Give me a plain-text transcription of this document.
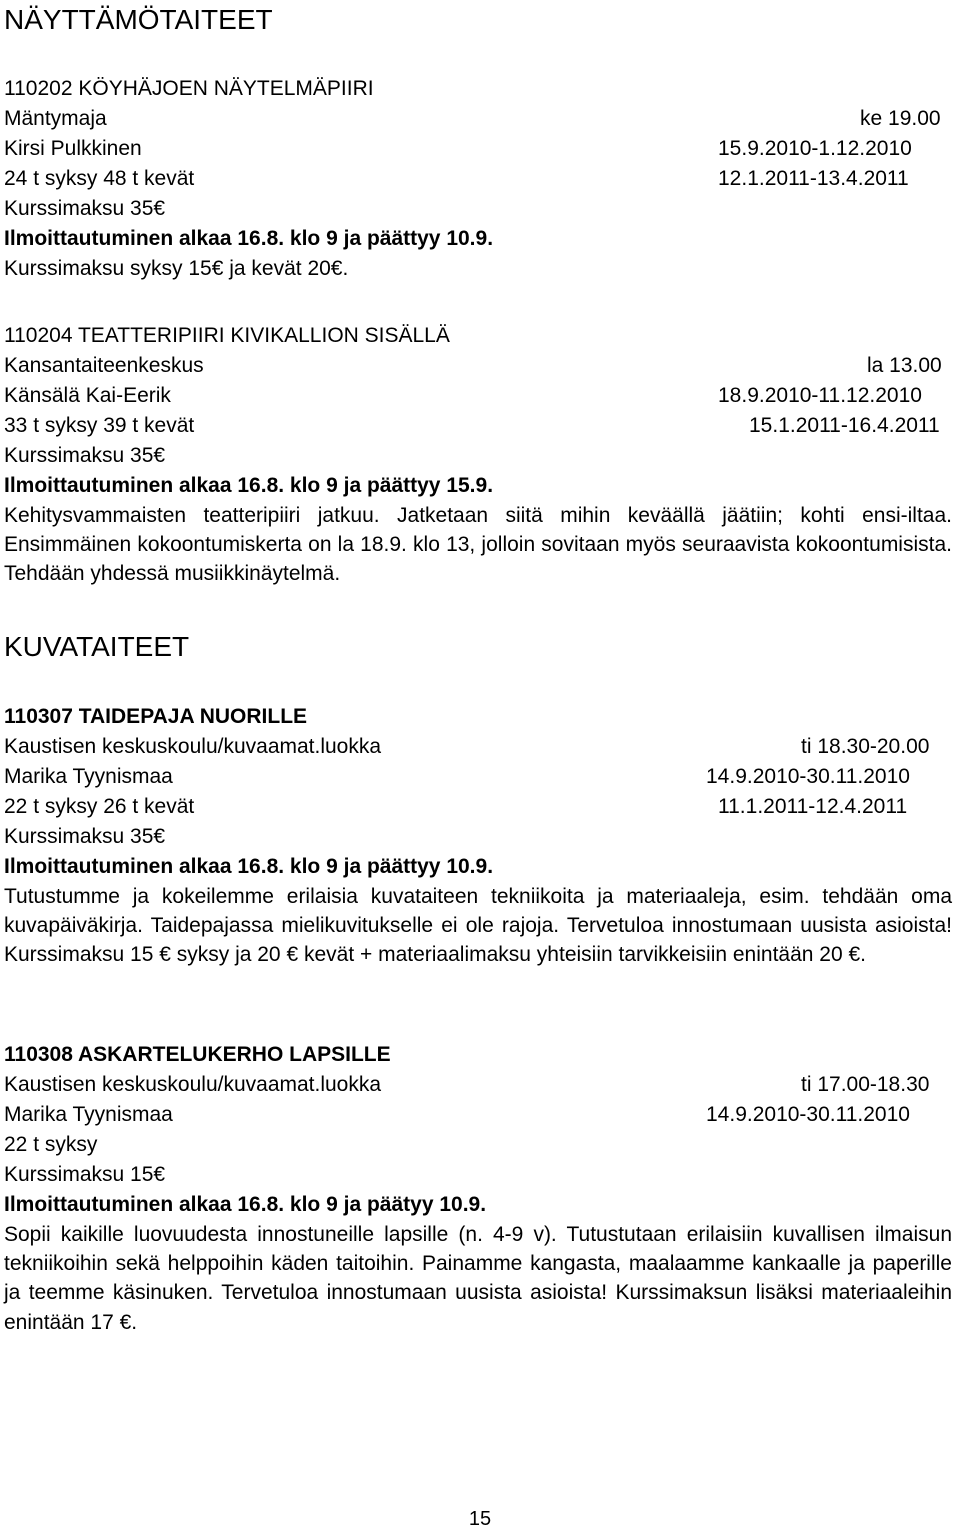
NÄYTTÄMÖTAITEET
110202 KÖYHÄJOEN NÄYTELMÄPIIRI
Mäntymaja	ke 19.00
Kirsi Pulkkinen	15.9.2010-1.12.2010
24 t syksy 48 t kevät	12.1.2011-13.4.2011
Kurssimaksu 35€
Ilmoittautuminen alkaa 16.8. klo 9 ja päättyy 10.9.
Kurssimaksu syksy 15€ ja kevät 20€.
110204 TEATTERIPIIRI KIVIKALLION SISÄLLÄ
Kansantaiteenkeskus	la 13.00
Känsälä Kai-Eerik	18.9.2010-11.12.2010
33 t syksy 39 t kevät	15.1.2011-16.4.2011
Kurssimaksu 35€
Ilmoittautuminen alkaa 16.8. klo 9 ja päättyy 15.9.
Kehitysvammaisten teatteripiiri jatkuu. Jatketaan siitä mihin keväällä jäätiin; kohti ensi-iltaa. Ensimmäinen kokoontumiskerta on la 18.9. klo 13, jolloin sovitaan myös seuraavista kokoontumisista. Tehdään yhdessä musiikkinäytelmä.
KUVATAITEET
110307 TAIDEPAJA NUORILLE
Kaustisen keskuskoulu/kuvaamat.luokka	ti 18.30-20.00
Marika Tyynismaa	14.9.2010-30.11.2010
22 t syksy 26 t kevät	11.1.2011-12.4.2011
Kurssimaksu 35€
Ilmoittautuminen alkaa 16.8. klo 9 ja päättyy 10.9.
Tutustumme ja kokeilemme erilaisia kuvataiteen tekniikoita ja materiaaleja, esim. tehdään oma kuvapäiväkirja. Taidepajassa mielikuvitukselle ei ole rajoja. Tervetuloa innostumaan uusista asioista! Kurssimaksu 15 € syksy ja 20 € kevät + materiaalimaksu yhteisiin tarvikkeisiin enintään 20 €.
110308 ASKARTELUKERHO LAPSILLE
Kaustisen keskuskoulu/kuvaamat.luokka	ti 17.00-18.30
Marika Tyynismaa	14.9.2010-30.11.2010
22 t syksy
Kurssimaksu 15€
Ilmoittautuminen alkaa 16.8. klo 9 ja päätyy 10.9.
Sopii kaikille luovuudesta innostuneille lapsille (n. 4-9 v). Tutustutaan erilaisiin kuvallisen ilmaisun tekniikoihin sekä helppoihin käden taitoihin. Painamme kangasta, maalaamme kankaalle ja paperille ja teemme käsinuken. Tervetuloa innostumaan uusista asioista! Kurssimaksun lisäksi materiaaleihin enintään 17 €.
15
